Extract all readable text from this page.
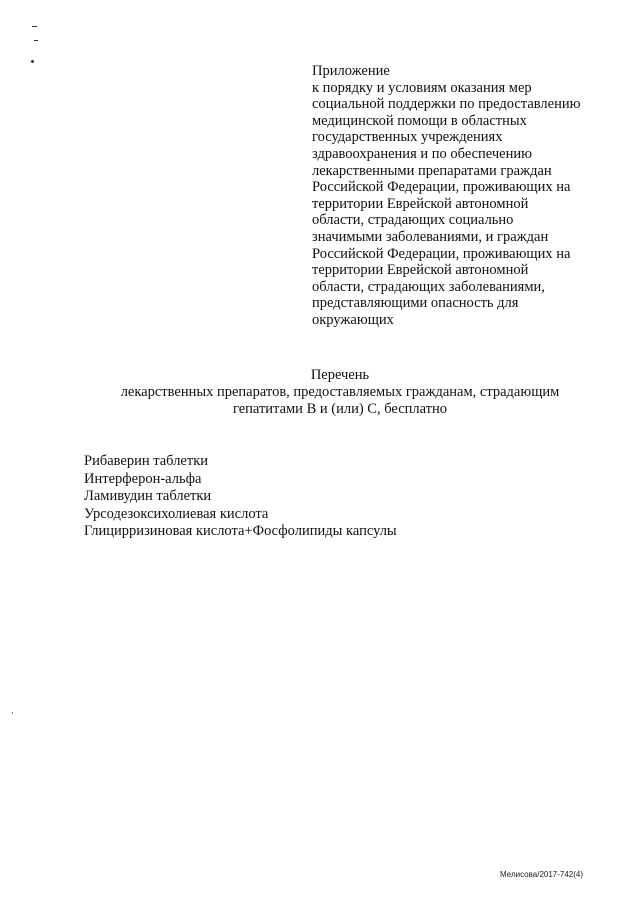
Приложение
к порядку и условиям оказания мер
социальной поддержки по предоставлению
медицинской помощи в областных
государственных учреждениях
здравоохранения и по обеспечению
лекарственными препаратами граждан
Российской Федерации, проживающих на
территории Еврейской автономной
области, страдающих социально
значимыми заболеваниями, и граждан
Российской Федерации, проживающих на
территории Еврейской автономной
области, страдающих заболеваниями,
представляющими опасность для
окружающих
Перечень
лекарственных препаратов, предоставляемых гражданам, страдающим
гепатитами В и (или) С, бесплатно
Рибаверин таблетки
Интерферон-альфа
Ламивудин таблетки
Урсодезоксихолиевая кислота
Глицирризиновая кислота+Фосфолипиды капсулы
Мелисова/2017-742(4)
